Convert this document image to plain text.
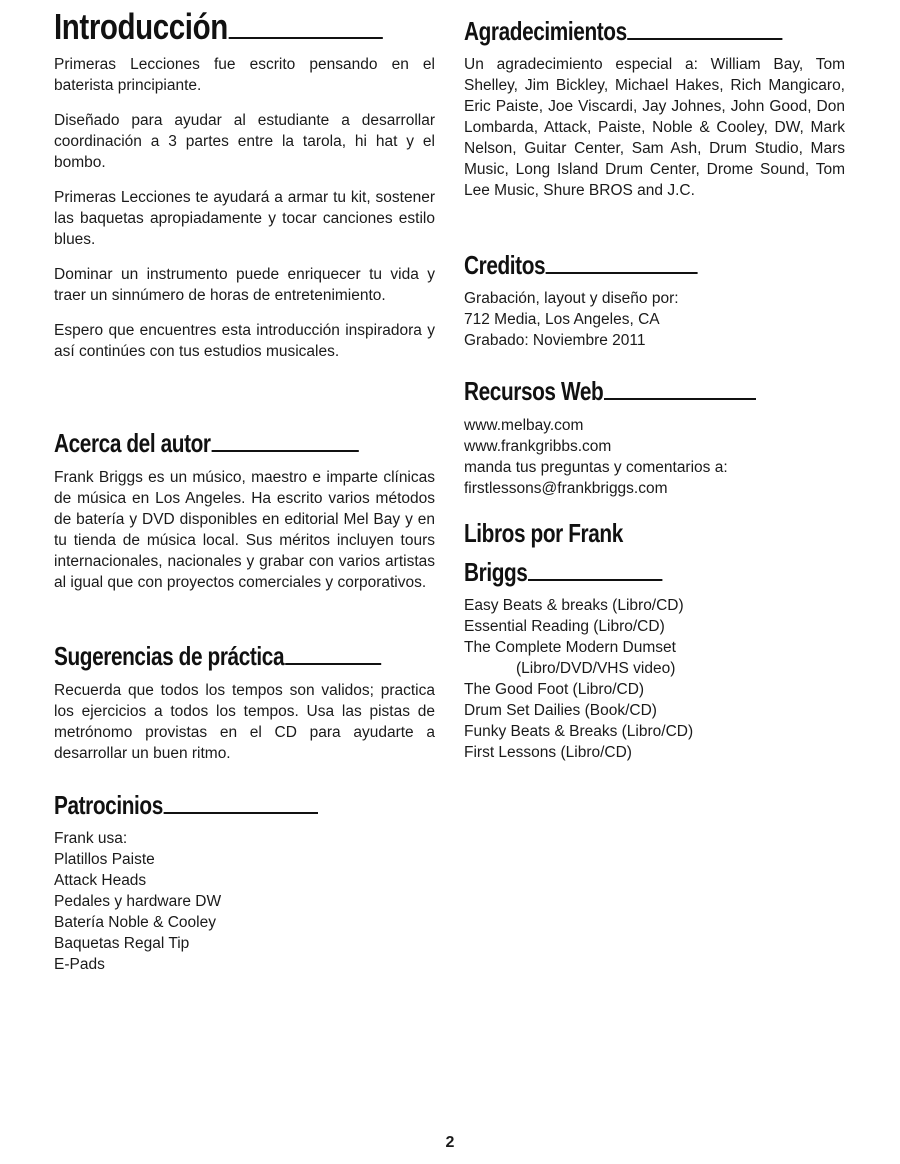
Introducción

Primeras Lecciones fue escrito pensando en el baterista principiante.

Diseñado para ayudar al estudiante a desarrollar coordinación a 3 partes entre la tarola, hi hat y el bombo.

Primeras Lecciones te ayudará a armar tu kit, sostener las baquetas apropiadamente y tocar canciones estilo blues.

Dominar un instrumento puede enriquecer tu vida y traer un sinnúmero de horas de entretenimiento.

Espero que encuentres esta introducción inspiradora y así continúes con tus estudios musicales.

Acerca del autor

Frank Briggs es un músico, maestro e imparte clínicas de música en Los Angeles. Ha escrito varios métodos de batería y DVD disponibles en editorial Mel Bay y en tu tienda de música local. Sus méritos incluyen tours internacionales, nacionales y grabar con varios artistas al igual que con proyectos comerciales y corporativos.

Sugerencias de práctica

Recuerda que todos los tempos son validos; practica los ejercicios a todos los tempos. Usa las pistas de metrónomo provistas en el CD para ayudarte a desarrollar un buen ritmo.

Patrocinios
Frank usa:
Platillos Paiste
Attack Heads
Pedales y hardware DW
Batería Noble & Cooley
Baquetas Regal Tip
E-Pads
Agradecimientos

Un agradecimiento especial a: William Bay, Tom Shelley, Jim Bickley, Michael Hakes, Rich Mangicaro, Eric Paiste, Joe Viscardi, Jay Johnes, John Good, Don Lombarda, Attack, Paiste, Noble & Cooley, DW, Mark Nelson, Guitar Center, Sam Ash, Drum Studio, Mars Music, Long Island Drum Center, Drome Sound, Tom Lee Music, Shure BROS and J.C.

Creditos
Grabación, layout y diseño por:
712 Media, Los Angeles, CA
Grabado: Noviembre 2011
Recursos Web
www.melbay.com
www.frankgribbs.com
manda tus preguntas y comentarios a:
firstlessons@frankbriggs.com
Libros por Frank
Briggs
Easy Beats & breaks (Libro/CD)
Essential Reading (Libro/CD)
The Complete Modern Dumset
(Libro/DVD/VHS video)
The Good Foot (Libro/CD)
Drum Set Dailies (Book/CD)
Funky Beats & Breaks (Libro/CD)
First Lessons (Libro/CD)
2
